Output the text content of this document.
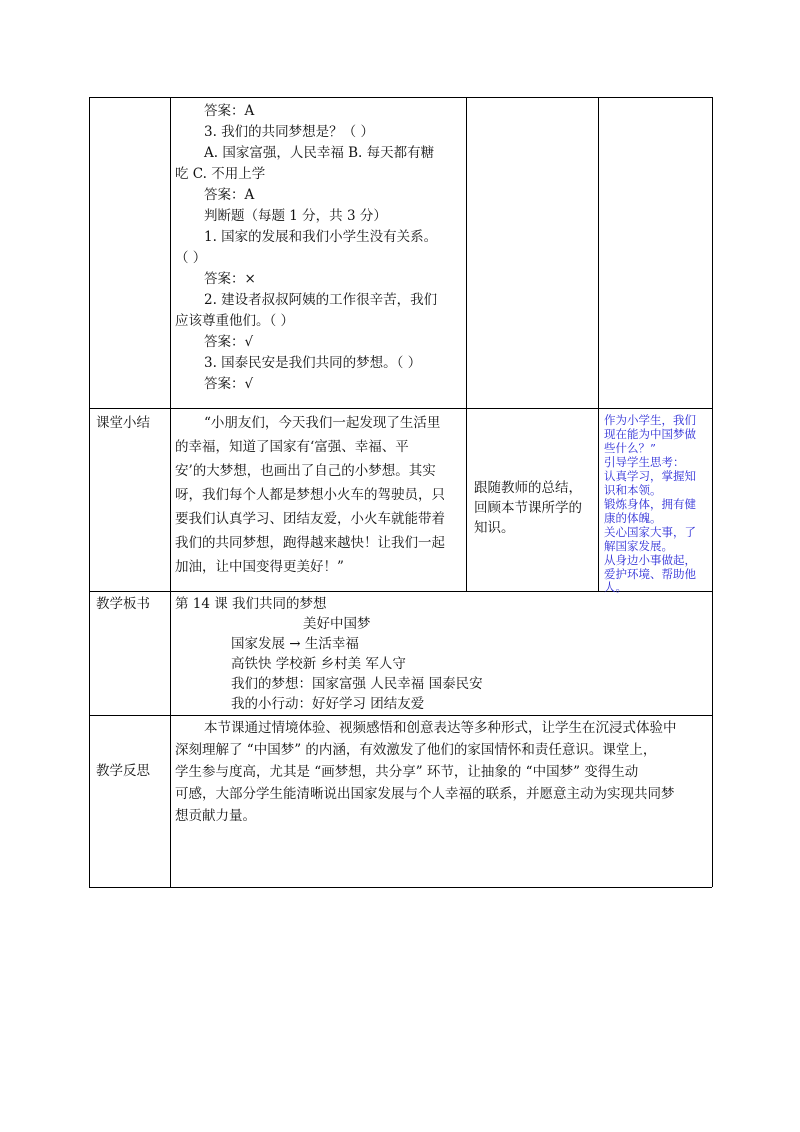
答案：A
3. 我们的共同梦想是？（ ）
A. 国家富强，人民幸福 B. 每天都有糖
吃 C. 不用上学
答案：A
判断题（每题 1 分，共 3 分）
1. 国家的发展和我们小学生没有关系。
（ ）
答案：×
2. 建设者叔叔阿姨的工作很辛苦，我们
应该尊重他们。（ ）
答案：√
3. 国泰民安是我们共同的梦想。（ ）
答案：√
课堂小结	“小朋友们，今天我们一起发现了生活里
的幸福，知道了国家有‘富强、幸福、平
安’的大梦想，也画出了自己的小梦想。其实
呀，我们每个人都是梦想小火车的驾驶员，只
要我们认真学习、团结友爱，小火车就能带着
我们的共同梦想，跑得越来越快！让我们一起
加油，让中国变得更美好！”
跟随教师的总结，
回顾本节课所学的
知识。
作为小学生，我们
现在能为中国梦做
些什么？”
引导学生思考：
认真学习，掌握知
识和本领。
锻炼身体，拥有健
康的体魄。
关心国家大事，了
解国家发展。
从身边小事做起，
爱护环境、帮助他
人。
教学板书 第 14 课 我们共同的梦想
美好中国梦
国家发展 → 生活幸福
高铁快 学校新 乡村美 军人守
我们的梦想：国家富强 人民幸福 国泰民安
我的小行动：好好学习 团结友爱
教学反思
本节课通过情境体验、视频感悟和创意表达等多种形式，让学生在沉浸式体验中
深刻理解了 “中国梦” 的内涵，有效激发了他们的家国情怀和责任意识。课堂上，
学生参与度高，尤其是 “画梦想，共分享” 环节，让抽象的 “中国梦” 变得生动
可感，大部分学生能清晰说出国家发展与个人幸福的联系，并愿意主动为实现共同梦
想贡献力量。
